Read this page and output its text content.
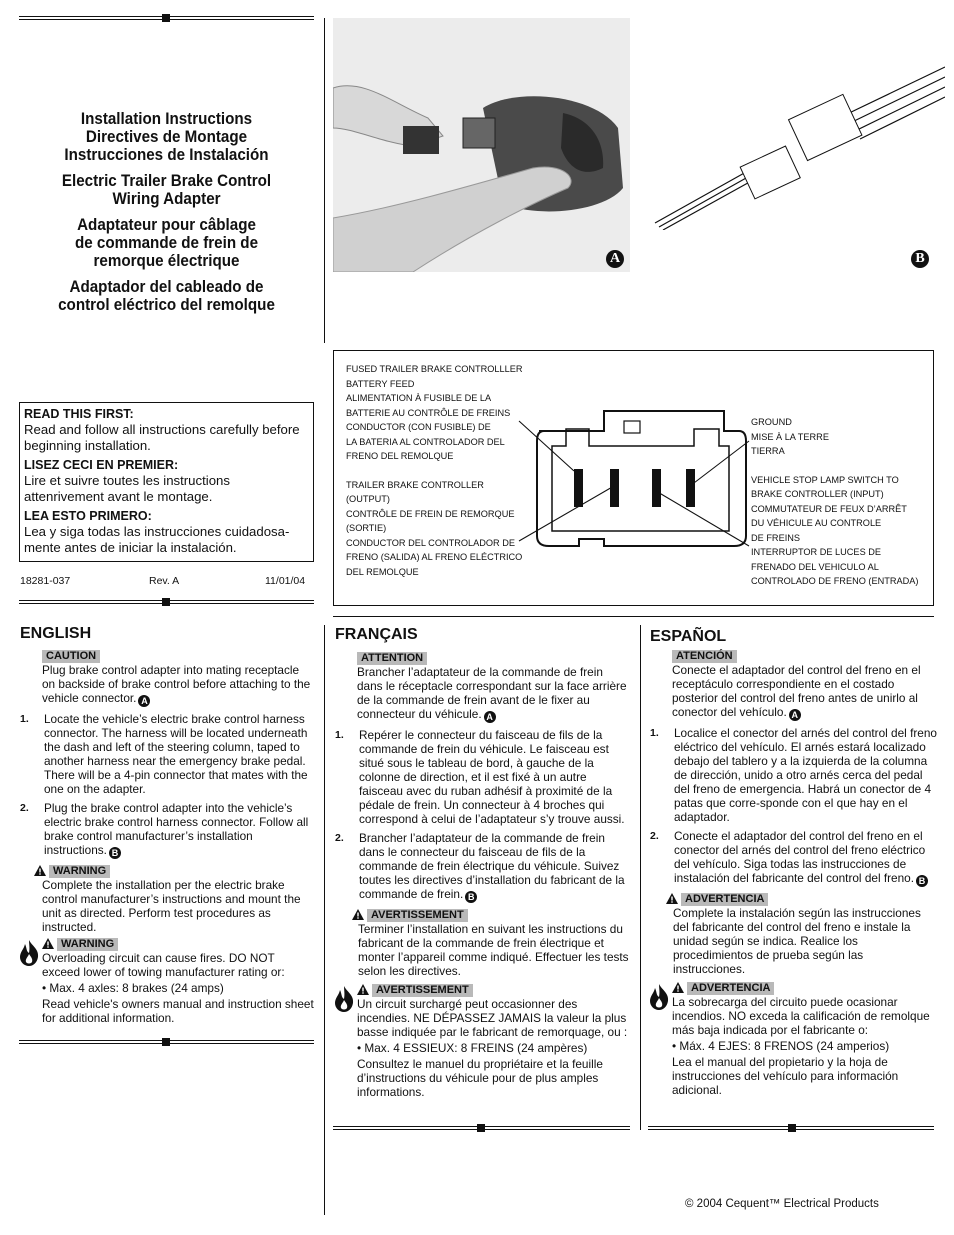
Installation Instructions
Directives de Montage
Instrucciones de Instalación
Electric Trailer Brake Control
Wiring Adapter
Adaptateur pour câblage
de commande de frein de
remorque électrique
Adaptador del cableado de
control eléctrico del remolque
READ THIS FIRST:
Read and follow all instructions carefully before beginning installation.
LISEZ CECI EN PREMIER:
Lire et suivre toutes les instructions attenrivement avant le montage.
LEA ESTO PRIMERO:
Lea y siga todas las instrucciones cuidadosa-mente antes de iniciar la instalación.
18281-037	Rev. A	11/01/04
A	B
FUSED TRAILER BRAKE CONTROLLLER
BATTERY FEED
ALIMENTATION À FUSIBLE DE LA
BATTERIE AU CONTRÔLE DE FREINS
CONDUCTOR (CON FUSIBLE) DE
LA BATERIA AL CONTROLADOR DEL
FRENO DEL REMOLQUE
TRAILER BRAKE CONTROLLER
(OUTPUT)
CONTRÔLE DE FREIN DE REMORQUE
(SORTIE)
CONDUCTOR DEL CONTROLADOR DE
FRENO (SALIDA) AL FRENO ELÉCTRICO
DEL REMOLQUE
GROUND
MISE À LA TERRE
TIERRA
VEHICLE STOP LAMP SWITCH TO
BRAKE CONTROLLER (INPUT)
COMMUTATEUR DE FEUX D’ARRÊT
DU VÉHICULE AU CONTROLE
DE FREINS
INTERRUPTOR DE LUCES DE
FRENADO DEL VEHICULO AL
CONTROLADO DE FRENO (ENTRADA)
ENGLISH
CAUTION
Plug brake control adapter into mating receptacle on backside of brake control before attaching to the vehicle connector. A
1. Locate the vehicle’s electric brake control harness connector. The harness will be located underneath the dash and left of the steering column, taped to another harness near the emergency brake pedal. There will be a 4-pin connector that mates with the one on the adapter.
2. Plug the brake control adapter into the vehicle’s electric brake control harness connector. Follow all brake control manufacturer’s installation instructions. B
WARNING
Complete the installation per the electric brake control manufacturer’s instructions and mount the unit as directed. Perform test procedures as instructed.
WARNING
Overloading circuit can cause fires. DO NOT exceed lower of towing manufacturer rating or:
• Max. 4 axles: 8 brakes (24 amps)
Read vehicle's owners manual and instruction sheet for additional information.
FRANÇAIS
ATTENTION
Brancher l’adaptateur de la commande de frein dans le réceptacle correspondant sur la face arrière de la commande de frein avant de le fixer au connecteur du véhicule. A
1. Repérer le connecteur du faisceau de fils de la commande de frein du véhicule. Le faisceau est situé sous le tableau de bord, à gauche de la colonne de direction, et il est fixé à un autre faisceau avec du ruban adhésif à proximité de la pédale de frein. Un connecteur à 4 broches qui correspond à celui de l’adaptateur s’y trouve aussi.
2. Brancher l’adaptateur de la commande de frein dans le connecteur du faisceau de fils de la commande de frein électrique du véhicule. Suivez toutes les directives d’installation du fabricant de la commande de frein. B
AVERTISSEMENT
Terminer l’installation en suivant les instructions du fabricant de la commande de frein électrique et monter l’appareil comme indiqué. Effectuer les tests selon les directives.
AVERTISSEMENT
Un circuit surchargé peut occasionner des incendies. NE DÉPASSEZ JAMAIS la valeur la plus basse indiquée par le fabricant de remorquage, ou :
• Max. 4 ESSIEUX: 8 FREINS (24 ampères)
Consultez le manuel du propriétaire et la feuille d’instructions du véhicule pour de plus amples informations.
ESPAÑOL
ATENCIÓN
Conecte el adaptador del control del freno en el receptáculo correspondiente en el costado posterior del control del freno antes de unirlo al conector del vehículo. A
1. Localice el conector del arnés del control del freno eléctrico del vehículo. El arnés estará localizado debajo del tablero y a la izquierda de la columna de dirección, unido a otro arnés cerca del pedal del freno de emergencia. Habrá un conector de 4 patas que corre-sponde con el que hay en el adaptador.
2. Conecte el adaptador del control del freno en el conector del arnés del control del freno eléctrico del vehículo. Siga todas las instrucciones de instalación del fabricante del control del freno. B
ADVERTENCIA
Complete la instalación según las instrucciones del fabricante del control del freno e instale la unidad según se indica. Realice los procedimientos de prueba según las instrucciones.
ADVERTENCIA
La sobrecarga del circuito puede ocasionar incendios. NO exceda la calificación de remolque más baja indicada por el fabricante o:
• Máx. 4 EJES: 8 FRENOS (24 amperios)
Lea el manual del propietario y la hoja de instrucciones del vehículo para información adicional.
© 2004 Cequent™ Electrical Products
